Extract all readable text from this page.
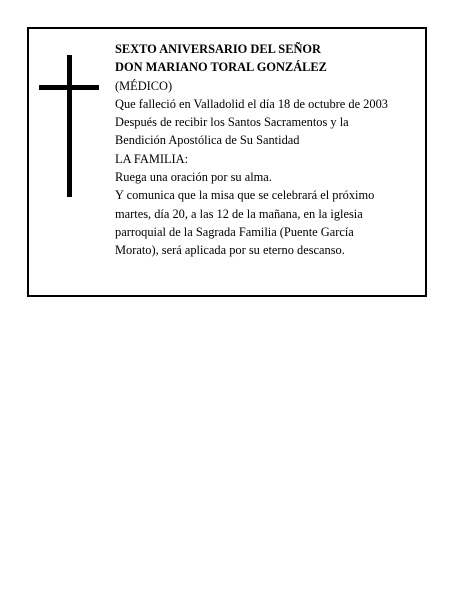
SEXTO ANIVERSARIO DEL SEÑOR
DON MARIANO TORAL GONZÁLEZ
(MÉDICO)
Que falleció en Valladolid el día 18 de octubre de 2003
Después de recibir los Santos Sacramentos y la
Bendición Apostólica de Su Santidad
LA FAMILIA:
Ruega una oración por su alma.
Y comunica que la misa que se celebrará el próximo
martes, día 20, a las 12 de la mañana, en la iglesia
parroquial de la Sagrada Familia (Puente García
Morato), será aplicada por su eterno descanso.
